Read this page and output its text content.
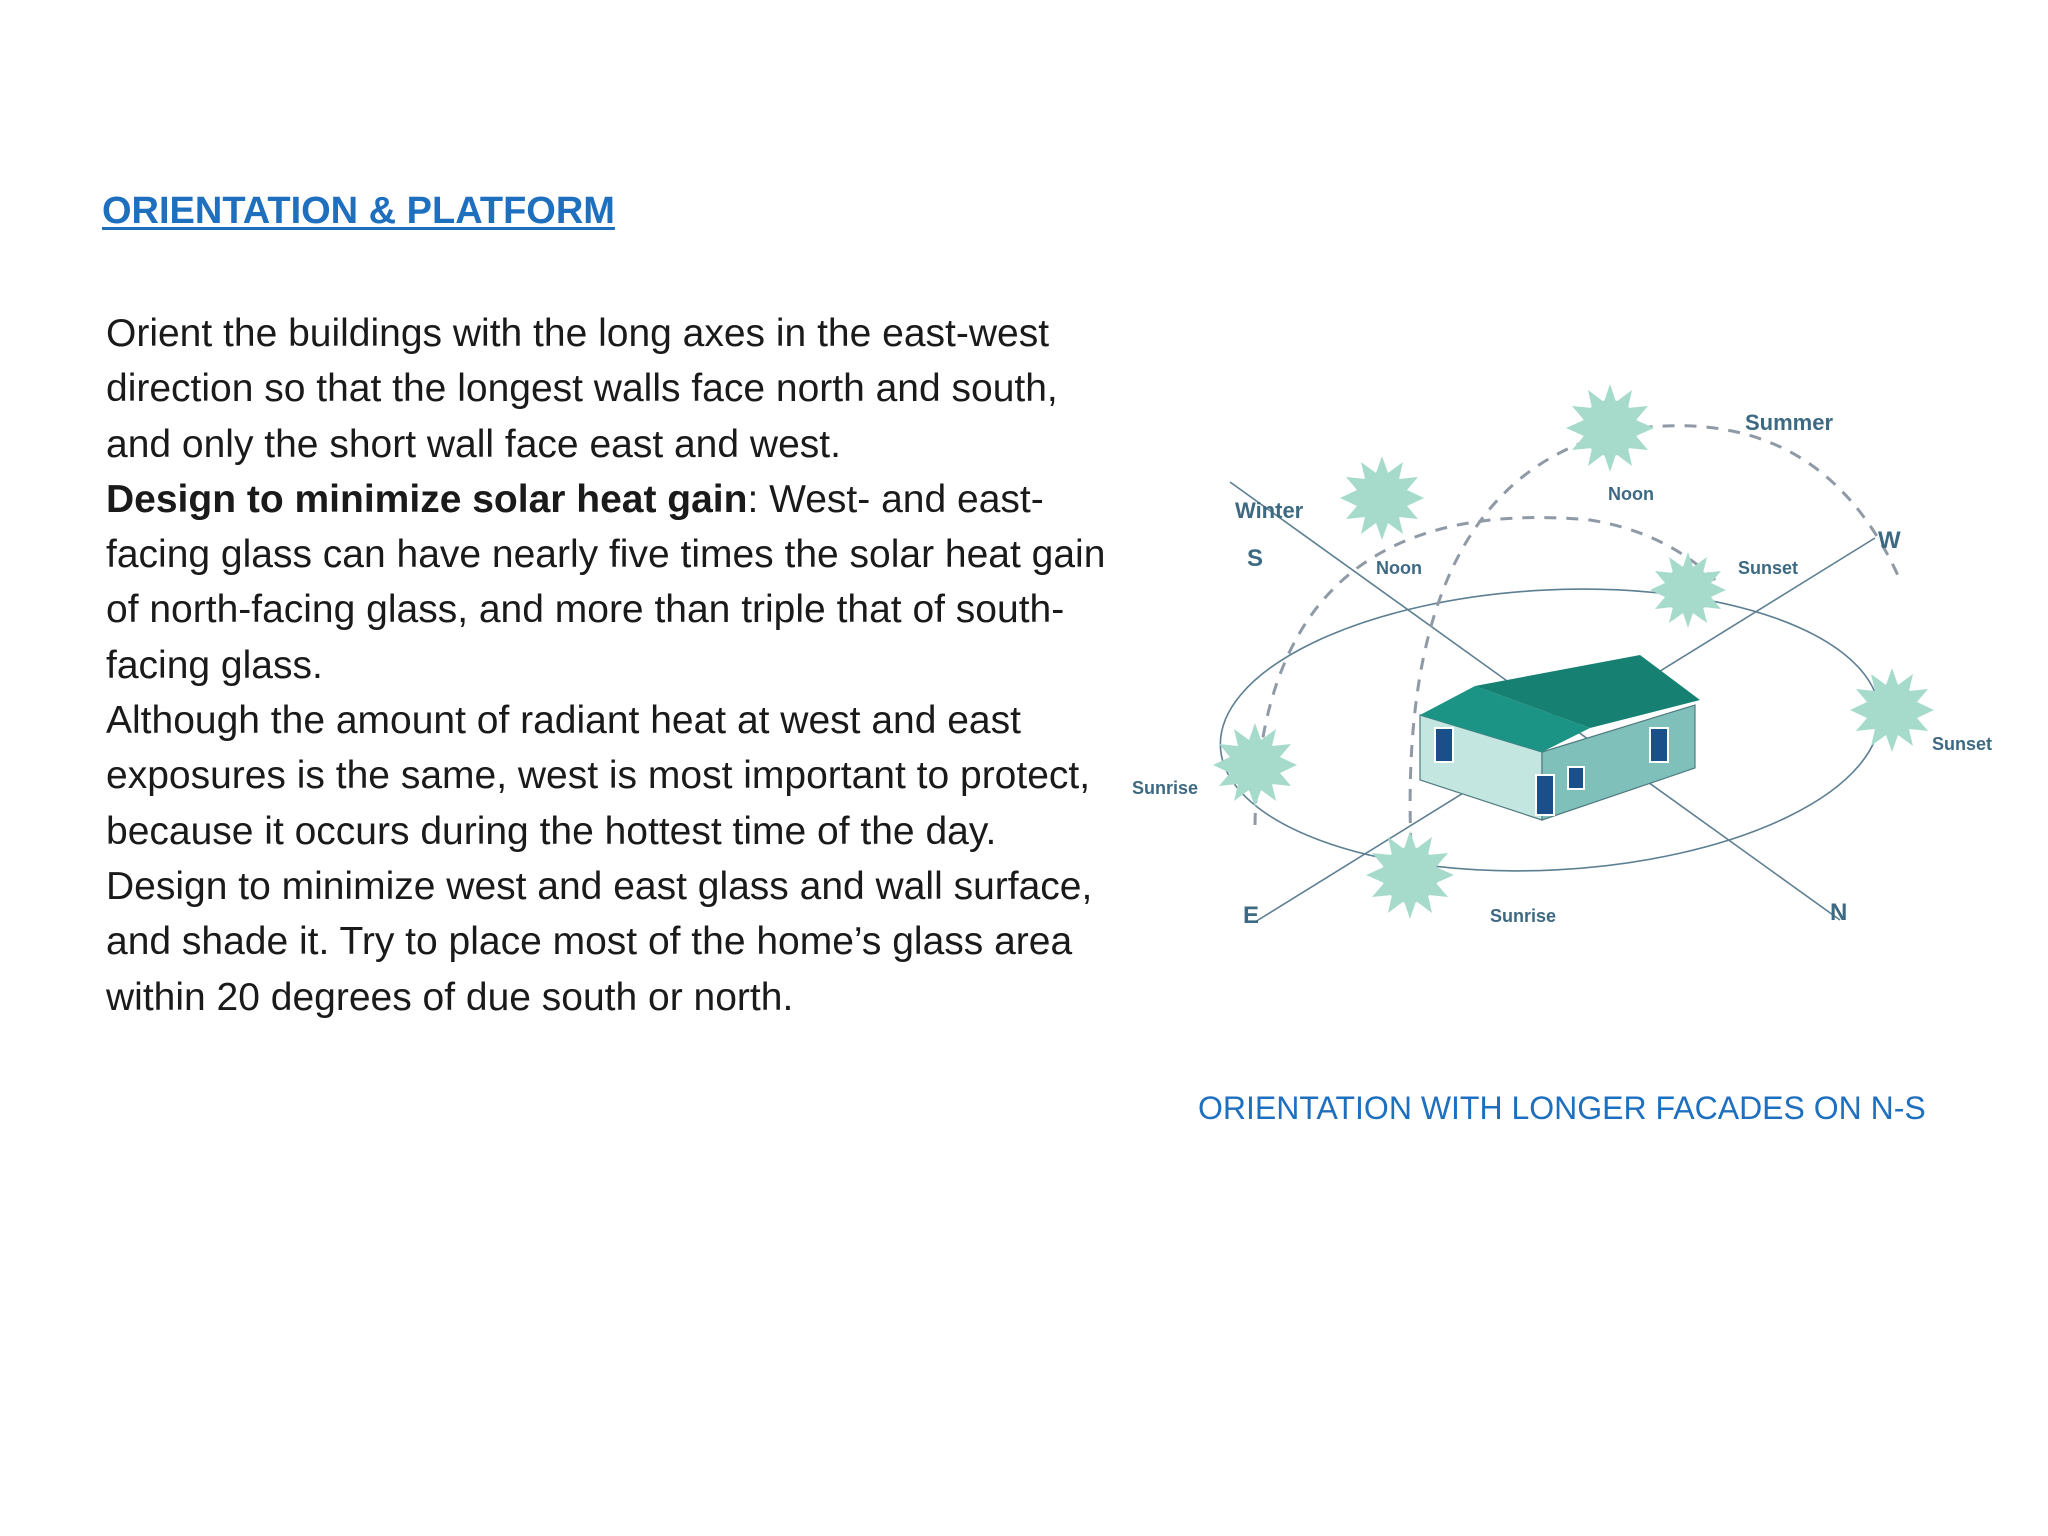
ORIENTATION & PLATFORM

Orient the buildings with the long axes in the east-west direction so that the longest walls face north and south, and only the short wall face east and west.

Design to minimize solar heat gain: West- and east-facing glass can have nearly five times the solar heat gain of north-facing glass, and more than triple that of south-facing glass.

Although the amount of radiant heat at west and east exposures is the same, west is most important to protect, because it occurs during the hottest time of the day.

Design to minimize west and east glass and wall surface, and shade it. Try to place most of the home’s glass area within 20 degrees of due south or north.

Summer
Winter
Noon
Noon	Sunset
Sunset
Sunrise
Sunrise
S
W
E	N

ORIENTATION WITH LONGER FACADES ON N-S
